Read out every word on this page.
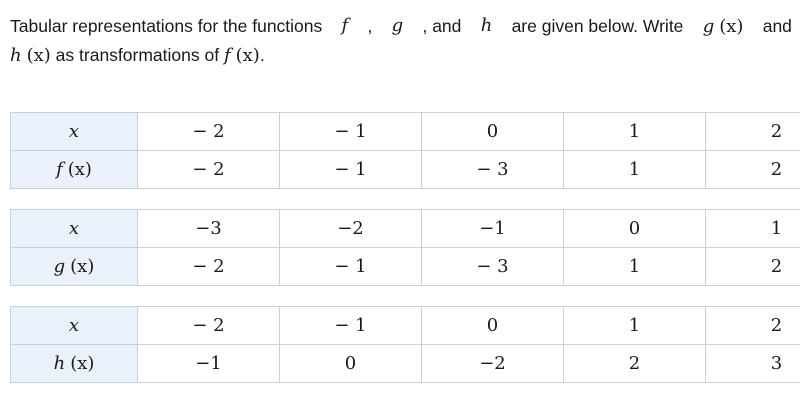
Tabular representations for the functions f , g , and h are given below. Write g (x) and
h (x)
as transformations of
f (x) .
x	− 2	− 1	0	1	2
f (x)	− 2	− 1	− 3	1	2
x	−3	−2	−1	0	1
g (x)	− 2	− 1	− 3	1	2
x	− 2	− 1	0	1	2
h (x)	−1	0	−2	2	3
